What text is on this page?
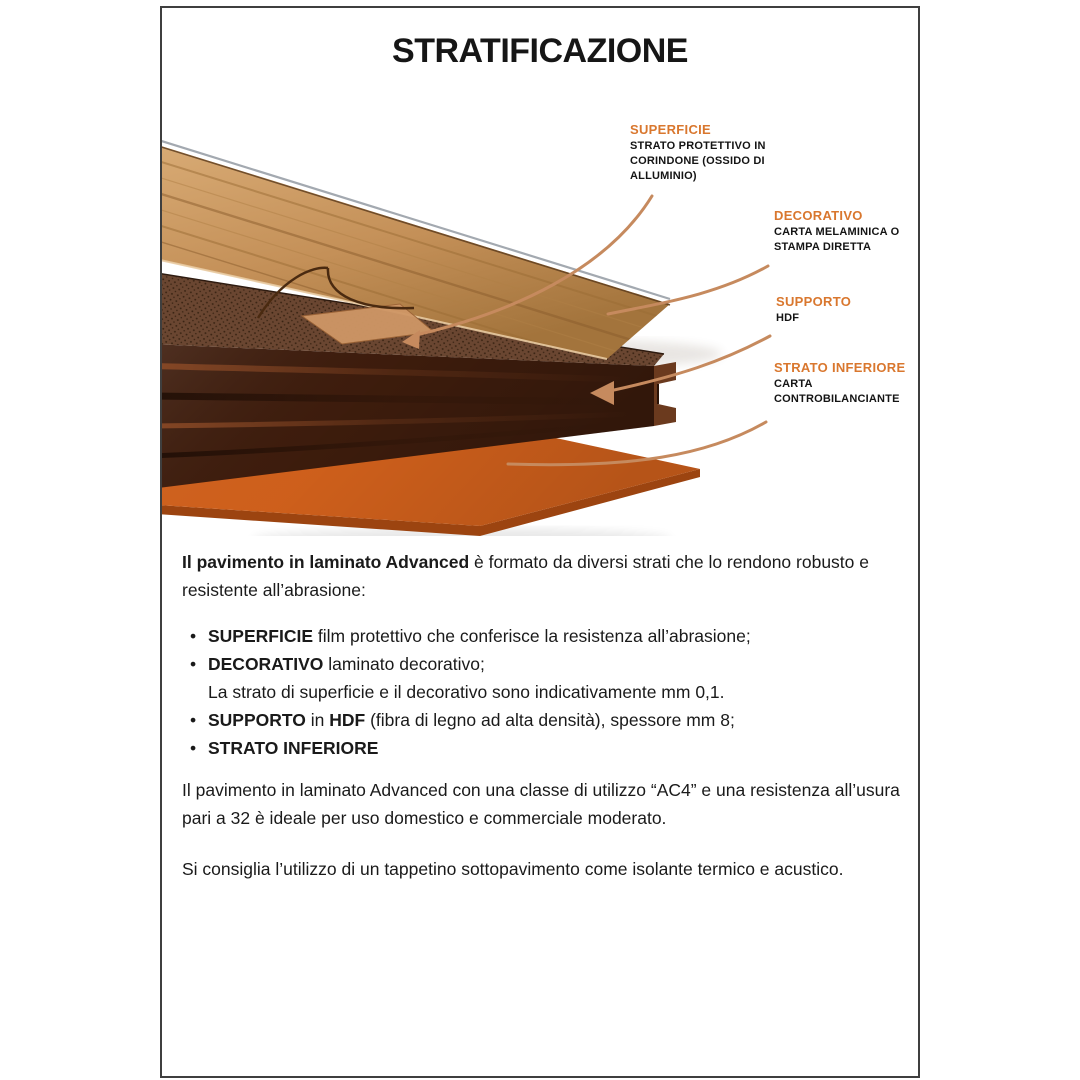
STRATIFICAZIONE
SUPERFICIE
STRATO PROTETTIVO IN CORINDONE (OSSIDO DI ALLUMINIO)
DECORATIVO
CARTA MELAMINICA O STAMPA DIRETTA
SUPPORTO
HDF
STRATO INFERIORE
CARTA CONTROBILANCIANTE

Il pavimento in laminato Advanced è formato da diversi strati che lo rendono robusto e resistente all’abrasione:

• SUPERFICIE film protettivo che conferisce la resistenza all’abrasione;
• DECORATIVO laminato decorativo;
La strato di superficie e il decorativo sono indicativamente mm 0,1.
• SUPPORTO in HDF (fibra di legno ad alta densità), spessore mm 8;
• STRATO INFERIORE

Il pavimento in laminato Advanced con una classe di utilizzo “AC4” e una resistenza all’usura pari a 32 è ideale per uso domestico e commerciale moderato.

Si consiglia l’utilizzo di un tappetino sottopavimento come isolante termico e acustico.
